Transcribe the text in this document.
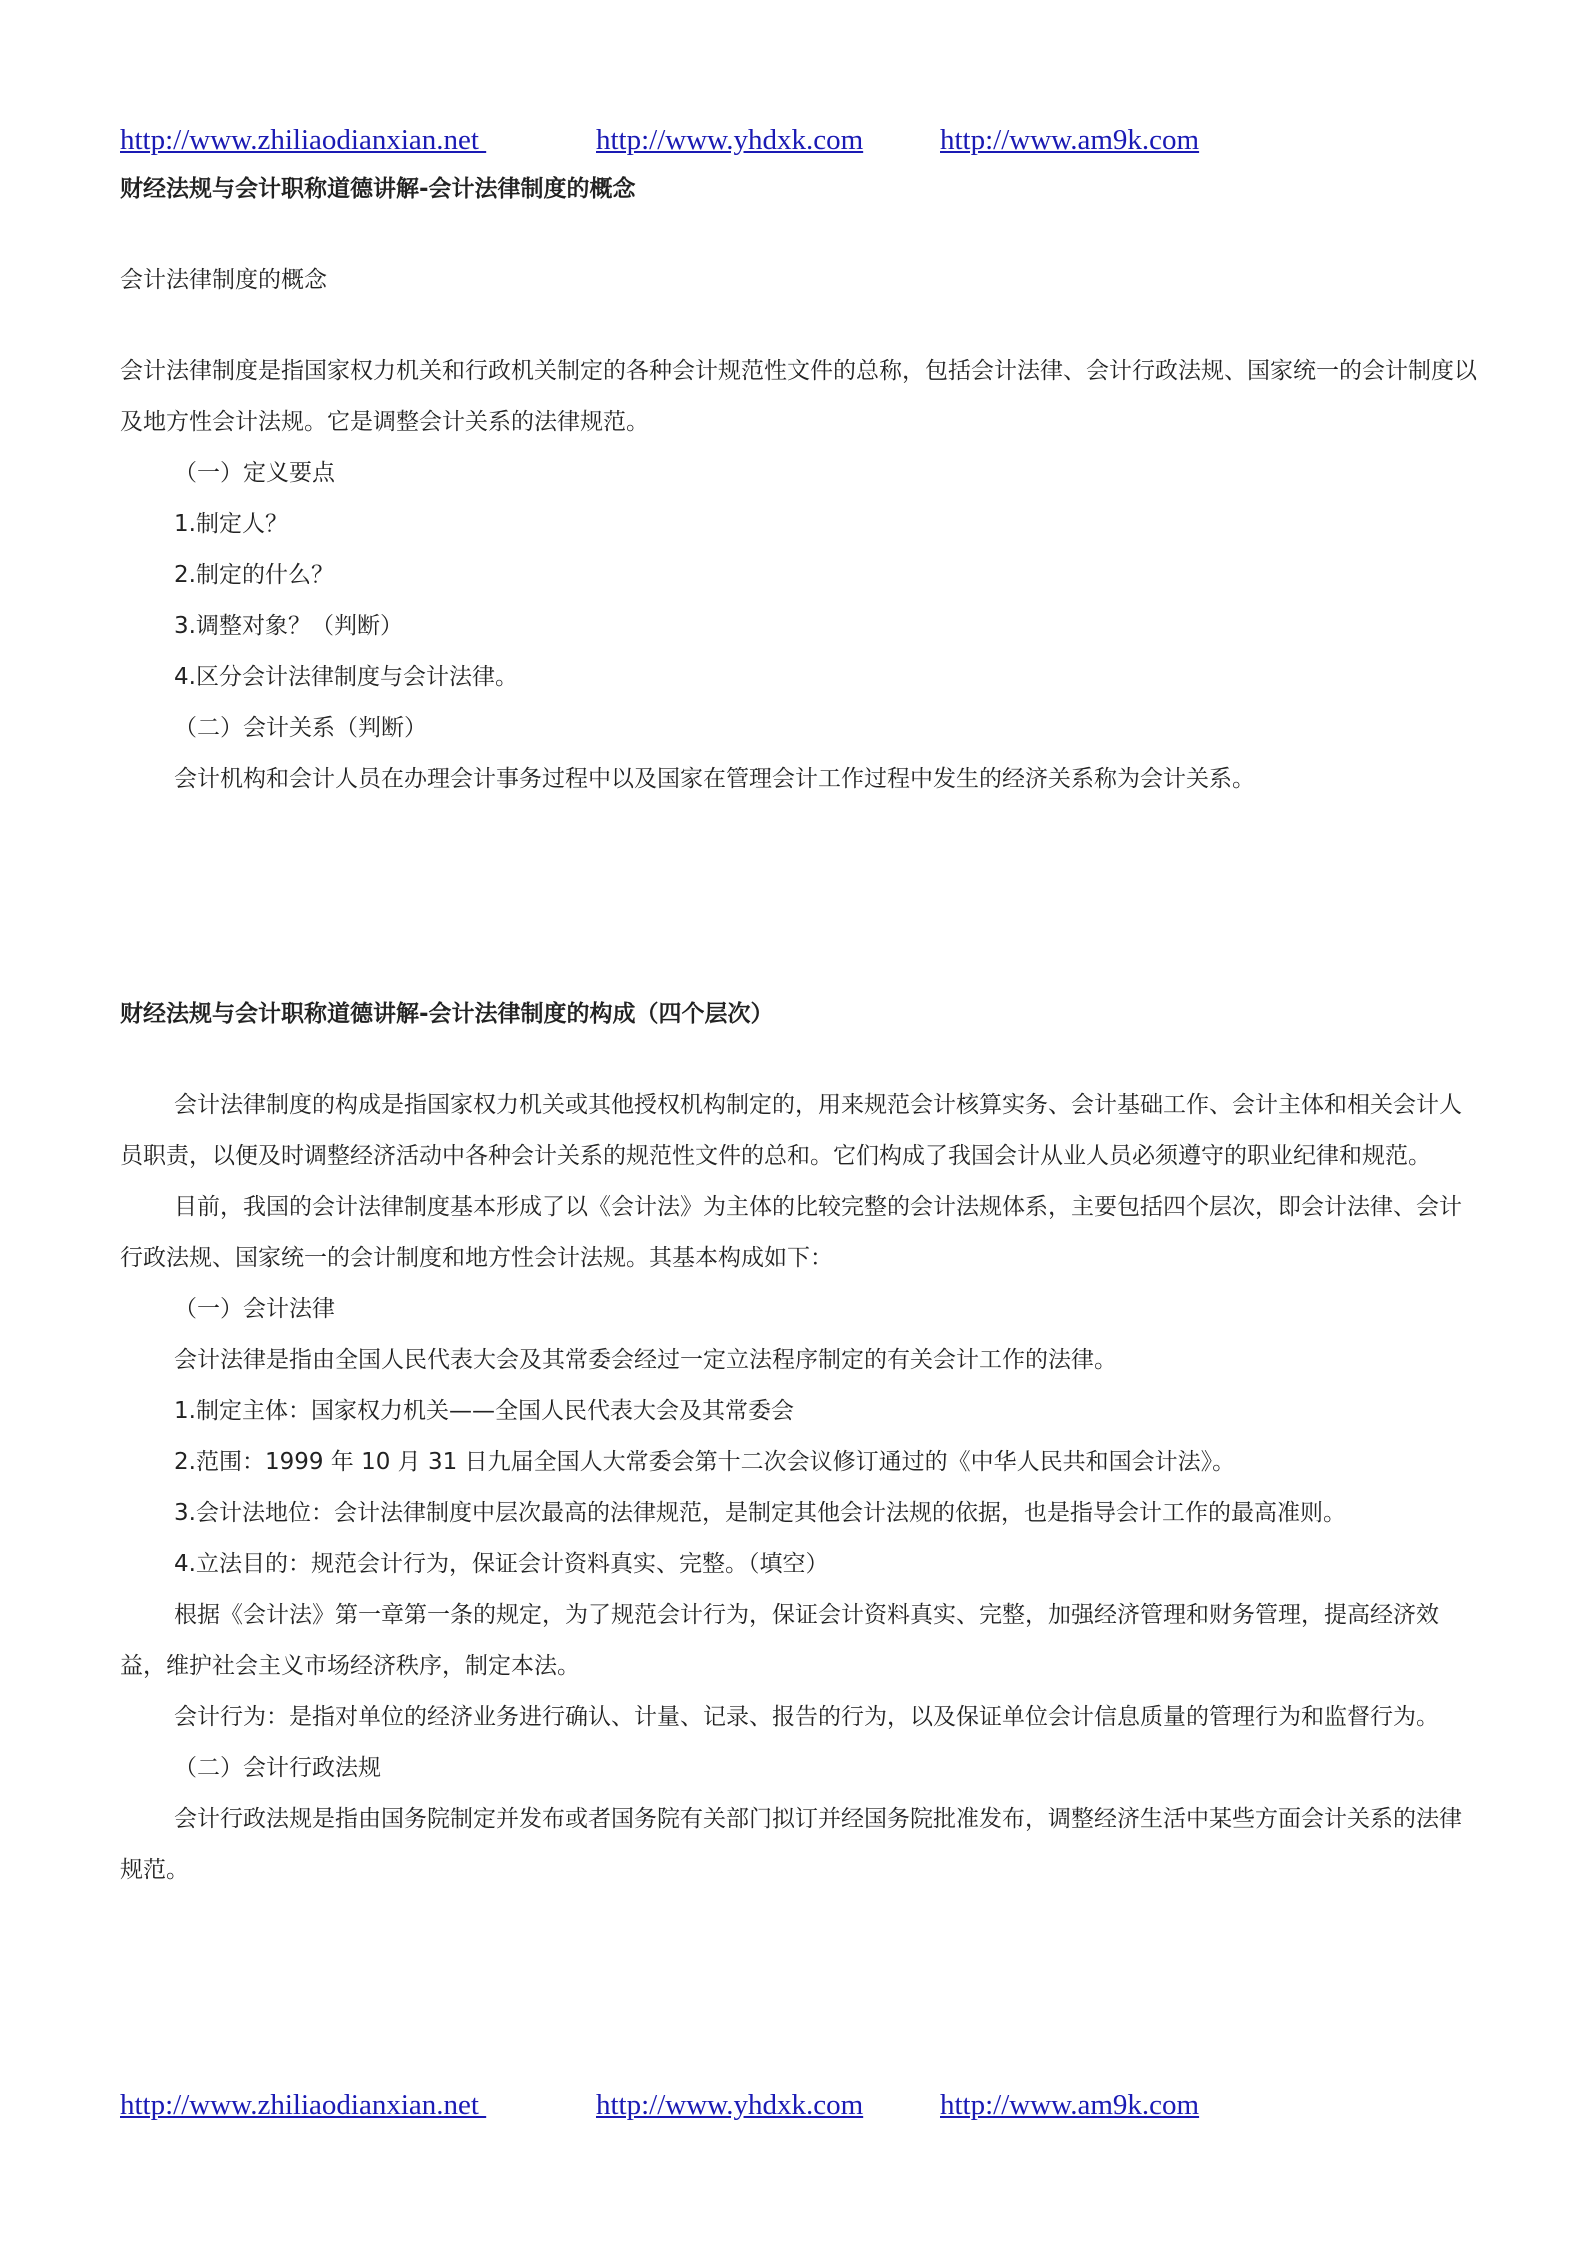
http://www.zhiliaodianxian.net	http://www.yhdxk.com	http://www.am9k.com

财经法规与会计职称道德讲解-会计法律制度的概念

会计法律制度的概念

会计法律制度是指国家权力机关和行政机关制定的各种会计规范性文件的总称，包括会计法律、会计行政法规、国家统一的会计制度以及地方性会计法规。它是调整会计关系的法律规范。

（一）定义要点

1.制定人？

2.制定的什么？

3.调整对象？（判断）

4.区分会计法律制度与会计法律。

（二）会计关系（判断）

会计机构和会计人员在办理会计事务过程中以及国家在管理会计工作过程中发生的经济关系称为会计关系。

财经法规与会计职称道德讲解-会计法律制度的构成（四个层次）

会计法律制度的构成是指国家权力机关或其他授权机构制定的，用来规范会计核算实务、会计基础工作、会计主体和相关会计人员职责，以便及时调整经济活动中各种会计关系的规范性文件的总和。它们构成了我国会计从业人员必须遵守的职业纪律和规范。

目前，我国的会计法律制度基本形成了以《会计法》为主体的比较完整的会计法规体系，主要包括四个层次，即会计法律、会计行政法规、国家统一的会计制度和地方性会计法规。其基本构成如下：

（一）会计法律

会计法律是指由全国人民代表大会及其常委会经过一定立法程序制定的有关会计工作的法律。

1.制定主体：国家权力机关——全国人民代表大会及其常委会

2.范围：1999 年 10 月 31 日九届全国人大常委会第十二次会议修订通过的《中华人民共和国会计法》。

3.会计法地位：会计法律制度中层次最高的法律规范，是制定其他会计法规的依据，也是指导会计工作的最高准则。

4.立法目的：规范会计行为，保证会计资料真实、完整。（填空）

根据《会计法》第一章第一条的规定，为了规范会计行为，保证会计资料真实、完整，加强经济管理和财务管理，提高经济效益，维护社会主义市场经济秩序，制定本法。

会计行为：是指对单位的经济业务进行确认、计量、记录、报告的行为，以及保证单位会计信息质量的管理行为和监督行为。

（二）会计行政法规

会计行政法规是指由国务院制定并发布或者国务院有关部门拟订并经国务院批准发布，调整经济生活中某些方面会计关系的法律规范。

http://www.zhiliaodianxian.net	http://www.yhdxk.com	http://www.am9k.com
